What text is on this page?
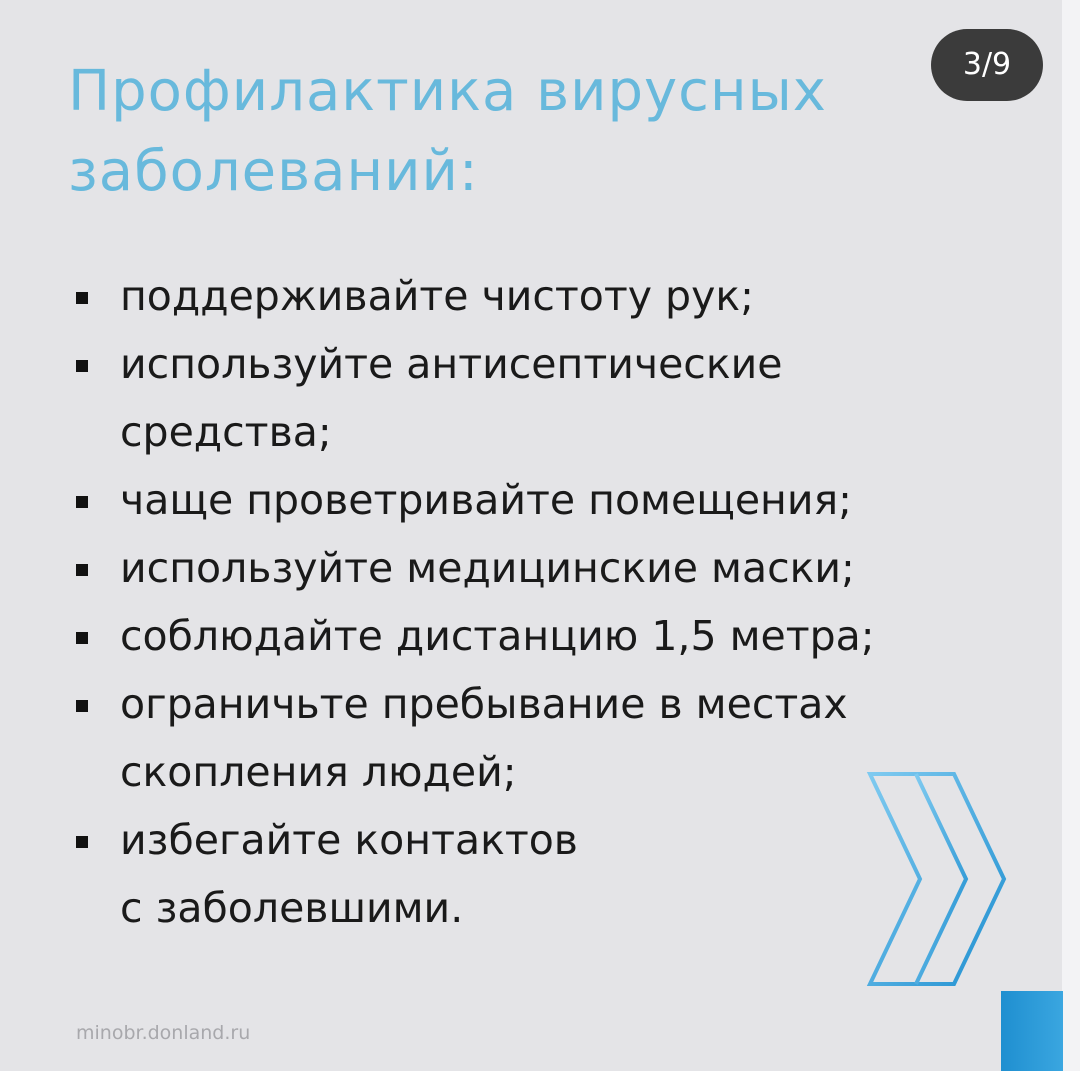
Профилактика вирусных
заболеваний:
поддерживайте чистоту рук;
используйте антисептические
средства;
чаще проветривайте помещения;
используйте медицинские маски;
соблюдайте дистанцию 1,5 метра;
ограничьте пребывание в местах
скопления людей;
избегайте контактов
с заболевшими.
minobr.donland.ru
3/9
